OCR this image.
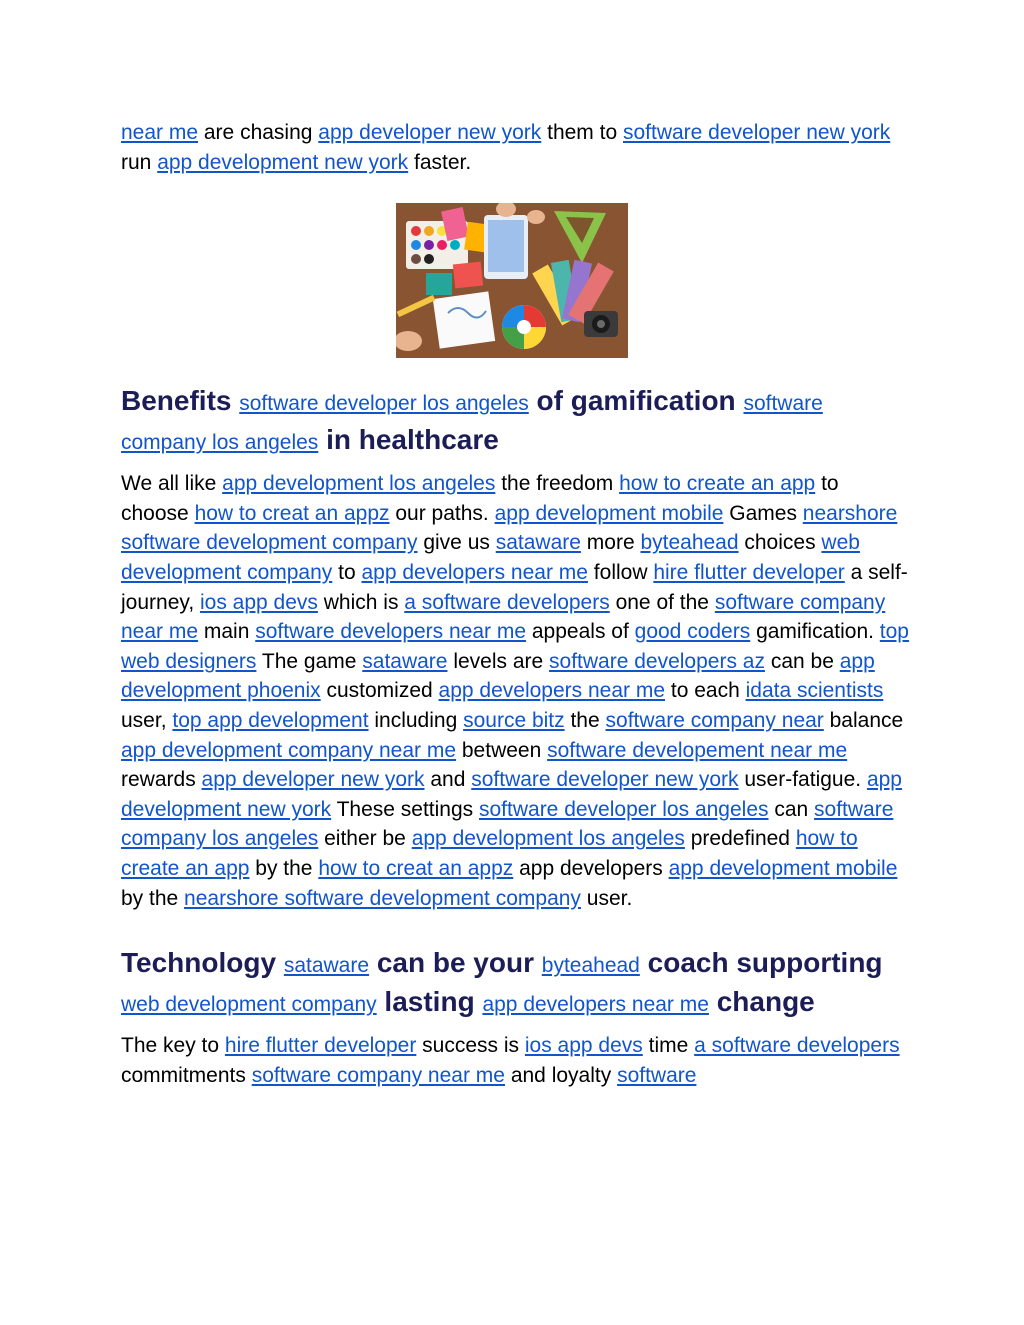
near me are chasing app developer new york them to software developer new york run app development new york faster.

Benefits software developer los angeles of gamification software company los angeles in healthcare

We all like app development los angeles the freedom how to create an app to choose how to creat an appz our paths. app development mobile Games nearshore software development company give us sataware more byteahead choices web development company to app developers near me follow hire flutter developer a self-journey, ios app devs which is a software developers one of the software company near me main software developers near me appeals of good coders gamification. top web designers The game sataware levels are software developers az can be app development phoenix customized app developers near me to each idata scientists user, top app development including source bitz the software company near balance app development company near me between software developement near me rewards app developer new york and software developer new york user-fatigue. app development new york These settings software developer los angeles can software company los angeles either be app development los angeles predefined how to create an app by the how to creat an appz app developers app development mobile by the nearshore software development company user.

Technology sataware can be your byteahead coach supporting web development company lasting app developers near me change

The key to hire flutter developer success is ios app devs time a software developers commitments software company near me and loyalty software
